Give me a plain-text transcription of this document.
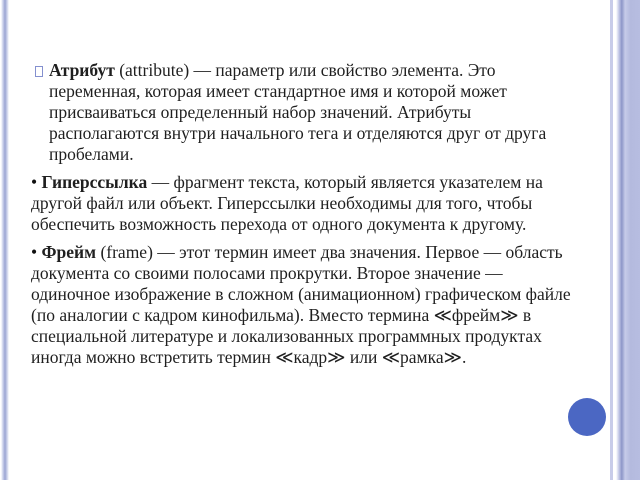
Атрибут (attribute) — параметр или свойство элемента. Это переменная, которая имеет стандартное имя и которой может присваиваться определенный набор значений. Атрибуты располагаются внутри начального тега и отделяются друг от друга пробелами.

• Гиперссылка — фрагмент текста, который является указателем на другой файл или объект. Гиперссылки необходимы для того, чтобы обеспечить возможность перехода от одного документа к другому.

• Фрейм (frame) — этот термин имеет два значения. Первое — область документа со своими полосами прокрутки. Второе значение — одиночное изображение в сложном (анимационном) графическом файле (по аналогии с кадром кинофильма). Вместо термина ≪фрейм≫ в специальной литературе и локализованных программных продуктах иногда можно встретить термин ≪кадр≫ или ≪рамка≫.
